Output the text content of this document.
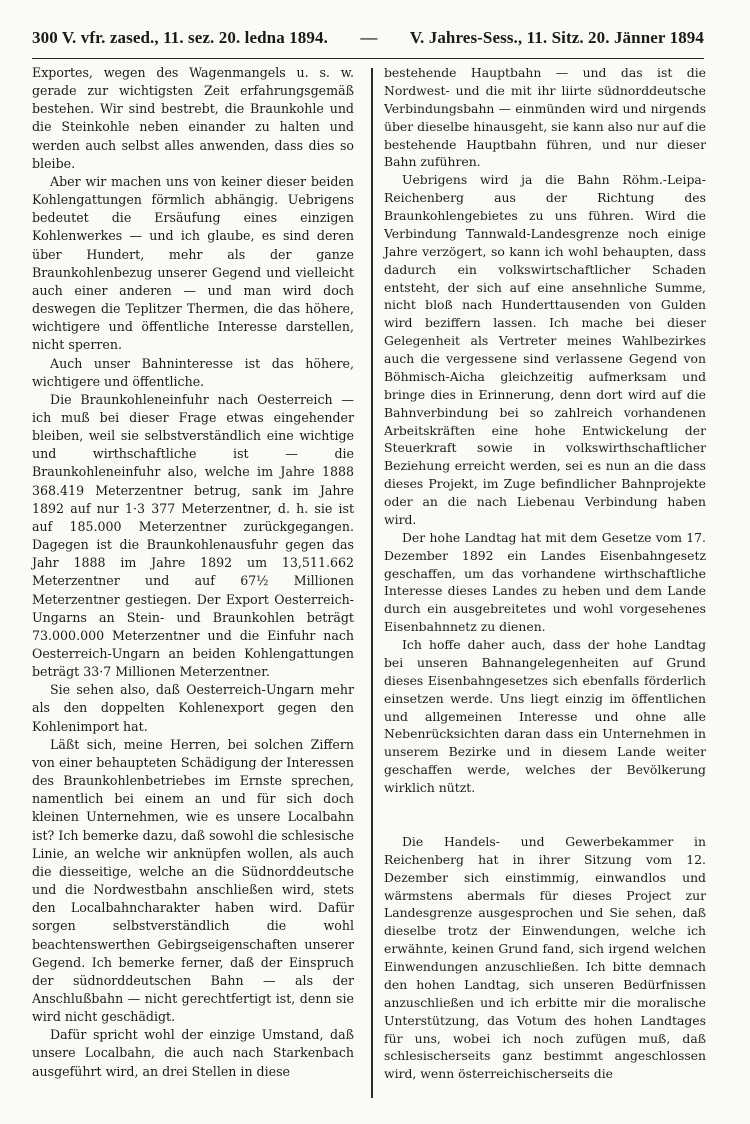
300 V. vfr. zased., 11. sez. 20. ledna 1894. — V. Jahres-Sess., 11. Sitz. 20. Jänner 1894

Exportes, wegen des Wagenmangels u. s. w. gerade zur wichtigsten Zeit erfahrungsgemäß bestehen. Wir sind bestrebt, die Braunkohle und die Steinkohle neben einander zu halten und werden auch selbst alles anwenden, dass dies so bleibe.

Aber wir machen uns von keiner dieser beiden Kohlengattungen förmlich abhängig. Uebrigens bedeutet die Ersäufung eines einzigen Kohlenwerkes — und ich glaube, es sind deren über Hundert, mehr als der ganze Braunkohlenbezug unserer Gegend und vielleicht auch einer anderen — und man wird doch deswegen die Teplitzer Thermen, die das höhere, wichtigere und öffentliche Interesse darstellen, nicht sperren.

Auch unser Bahninteresse ist das höhere, wichtigere und öffentliche.

Die Braunkohleneinfuhr nach Oesterreich — ich muß bei dieser Frage etwas eingehender bleiben, weil sie selbstverständlich eine wichtige und wirthschaftliche ist — die Braunkohleneinfuhr also, welche im Jahre 1888 368.419 Meterzentner betrug, sank im Jahre 1892 auf nur 1·3 377 Meterzentner, d. h. sie ist auf 185.000 Meterzentner zurückgegangen. Dagegen ist die Braunkohlenausfuhr gegen das Jahr 1888 im Jahre 1892 um 13,511.662 Meterzentner und auf 67½ Millionen Meterzentner gestiegen. Der Export Oesterreich-Ungarns an Stein- und Braunkohlen beträgt 73.000.000 Meterzentner und die Einfuhr nach Oesterreich-Ungarn an beiden Kohlengattungen beträgt 33·7 Millionen Meterzentner.

Sie sehen also, daß Oesterreich-Ungarn mehr als den doppelten Kohlenexport gegen den Kohlenimport hat.

Läßt sich, meine Herren, bei solchen Ziffern von einer behaupteten Schädigung der Interessen des Braunkohlenbetriebes im Ernste sprechen, namentlich bei einem an und für sich doch kleinen Unternehmen, wie es unsere Localbahn ist? Ich bemerke dazu, daß sowohl die schlesische Linie, an welche wir anknüpfen wollen, als auch die diesseitige, welche an die Südnorddeutsche und die Nordwestbahn anschließen wird, stets den Localbahncharakter haben wird. Dafür sorgen selbstverständlich die wohl beachtenswerthen Gebirgseigenschaften unserer Gegend. Ich bemerke ferner, daß der Einspruch der südnorddeutschen Bahn — als der Anschlußbahn — nicht gerechtfertigt ist, denn sie wird nicht geschädigt.

Dafür spricht wohl der einzige Umstand, daß unsere Localbahn, die auch nach Starkenbach ausgeführt wird, an drei Stellen in diese

bestehende Hauptbahn — und das ist die Nordwest- und die mit ihr liirte südnorddeutsche Verbindungsbahn — einmünden wird und nirgends über dieselbe hinausgeht, sie kann also nur auf die bestehende Hauptbahn führen, und nur dieser Bahn zuführen.

Uebrigens wird ja die Bahn Röhm.-Leipa-Reichenberg aus der Richtung des Braunkohlengebietes zu uns führen. Wird die Verbindung Tannwald-Landesgrenze noch einige Jahre verzögert, so kann ich wohl behaupten, dass dadurch ein volkswirtschaftlicher Schaden entsteht, der sich auf eine ansehnliche Summe, nicht bloß nach Hunderttausenden von Gulden wird beziffern lassen. Ich mache bei dieser Gelegenheit als Vertreter meines Wahlbezirkes auch die vergessene sind verlassene Gegend von Böhmisch-Aicha gleichzeitig aufmerksam und bringe dies in Erinnerung, denn dort wird auf die Bahnverbindung bei so zahlreich vorhandenen Arbeitskräften eine hohe Entwickelung der Steuerkraft sowie in volkswirthschaftlicher Beziehung erreicht werden, sei es nun an die dass dieses Projekt, im Zuge befindlicher Bahnprojekte oder an die nach Liebenau Verbindung haben wird.

Der hohe Landtag hat mit dem Gesetze vom 17. Dezember 1892 ein Landes Eisenbahngesetz geschaffen, um das vorhandene wirthschaftliche Interesse dieses Landes zu heben und dem Lande durch ein ausgebreitetes und wohl vorgesehenes Eisenbahnnetz zu dienen.

Ich hoffe daher auch, dass der hohe Landtag bei unseren Bahnangelegenheiten auf Grund dieses Eisenbahngesetzes sich ebenfalls förderlich einsetzen werde. Uns liegt einzig im öffentlichen und allgemeinen Interesse und ohne alle Nebenrücksichten daran dass ein Unternehmen in unserem Bezirke und in diesem Lande weiter geschaffen werde, welches der Bevölkerung wirklich nützt.

Die Handels- und Gewerbekammer in Reichenberg hat in ihrer Sitzung vom 12. Dezember sich einstimmig, einwandlos und wärmstens abermals für dieses Project zur Landesgrenze ausgesprochen und Sie sehen, daß dieselbe trotz der Einwendungen, welche ich erwähnte, keinen Grund fand, sich irgend welchen Einwendungen anzuschließen. Ich bitte demnach den hohen Landtag, sich unseren Bedürfnissen anzuschließen und ich erbitte mir die moralische Unterstützung, das Votum des hohen Landtages für uns, wobei ich noch zufügen muß, daß schlesischerseits ganz bestimmt angeschlossen wird, wenn österreichischerseits die
